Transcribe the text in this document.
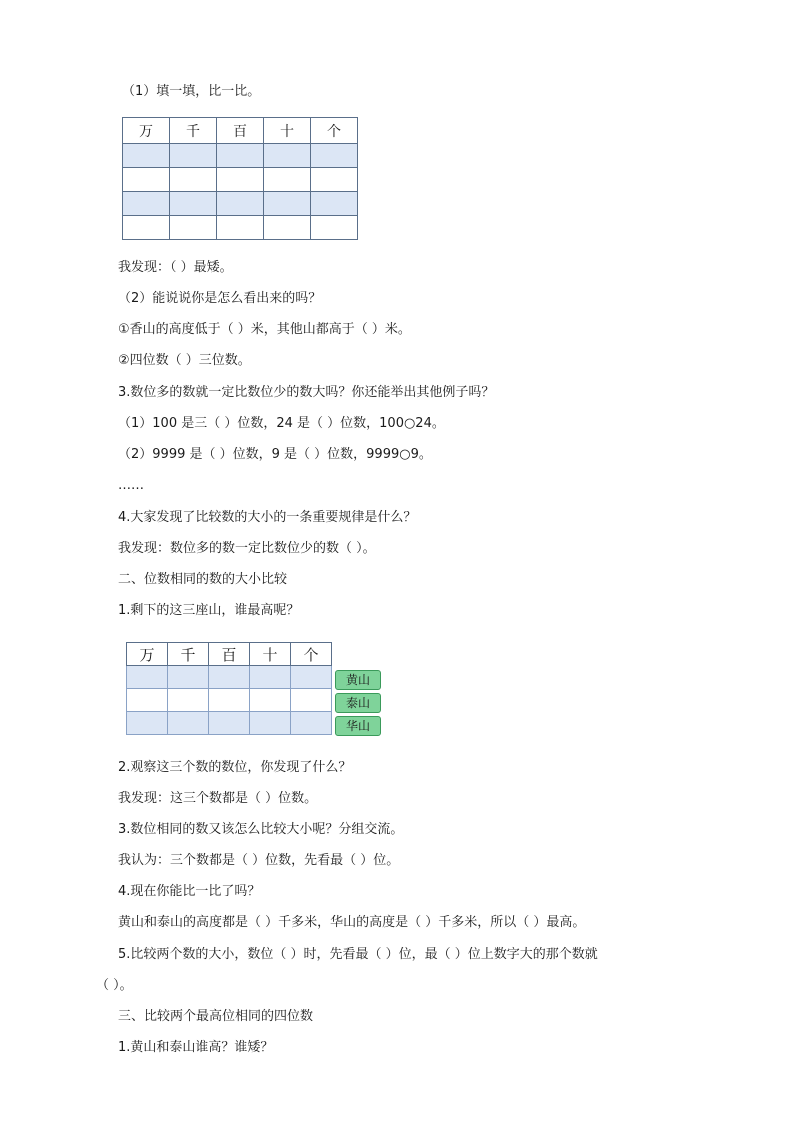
（1）填一填，比一比。
万	千	百	十	个

我发现：（ ）最矮。
（2）能说说你是怎么看出来的吗？
①香山的高度低于（ ）米，其他山都高于（ ）米。
②四位数（ ）三位数。
3.数位多的数就一定比数位少的数大吗？你还能举出其他例子吗？
（1）100 是三（ ）位数，24 是（ ）位数，100○24。
（2）9999 是（ ）位数，9 是（ ）位数，9999○9。
……
4.大家发现了比较数的大小的一条重要规律是什么？
我发现：数位多的数一定比数位少的数（ ）。
二、位数相同的数的大小比较
1.剩下的这三座山，谁最高呢？
万	千	百	十	个

黄山
泰山
华山
2.观察这三个数的数位，你发现了什么？
我发现：这三个数都是（ ）位数。
3.数位相同的数又该怎么比较大小呢？分组交流。
我认为：三个数都是（ ）位数，先看最（ ）位。
4.现在你能比一比了吗？
黄山和泰山的高度都是（ ）千多米，华山的高度是（ ）千多米，所以（ ）最高。
5.比较两个数的大小，数位（ ）时，先看最（ ）位，最（ ）位上数字大的那个数就
（ ）。
三、比较两个最高位相同的四位数
1.黄山和泰山谁高？谁矮？
